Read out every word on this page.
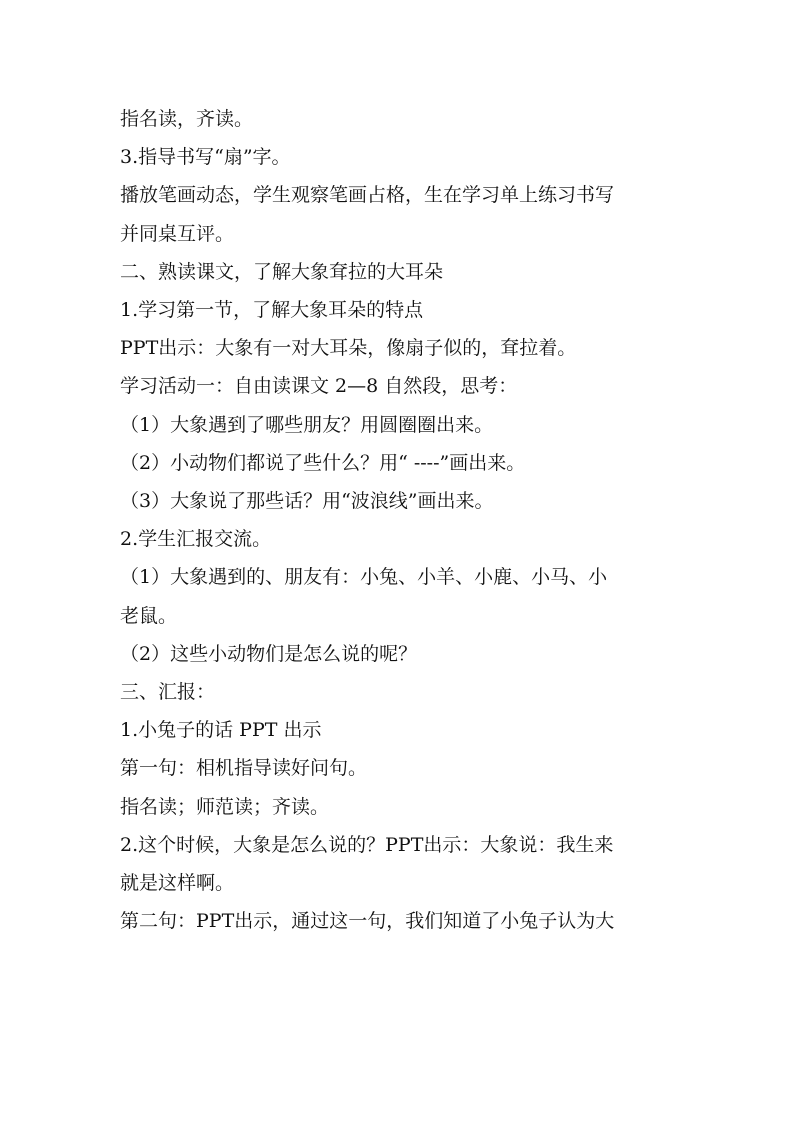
指名读，齐读。

3.指导书写“扇”字。

播放笔画动态，学生观察笔画占格，生在学习单上练习书写

并同桌互评。

二、熟读课文，了解大象耷拉的大耳朵

1.学习第一节，了解大象耳朵的特点

PPT出示：大象有一对大耳朵，像扇子似的，耷拉着。

学习活动一：自由读课文 2—8 自然段，思考：

（1）大象遇到了哪些朋友？用圆圈圈出来。

（2）小动物们都说了些什么？用“ ----”画出来。

（3）大象说了那些话？用“波浪线”画出来。

2.学生汇报交流。

（1）大象遇到的、朋友有：小兔、小羊、小鹿、小马、小

老鼠。

（2）这些小动物们是怎么说的呢？

三、汇报：

1.小兔子的话 PPT 出示

第一句：相机指导读好问句。

指名读；师范读；齐读。

2.这个时候，大象是怎么说的？PPT出示：大象说：我生来

就是这样啊。

第二句：PPT出示，通过这一句，我们知道了小兔子认为大
